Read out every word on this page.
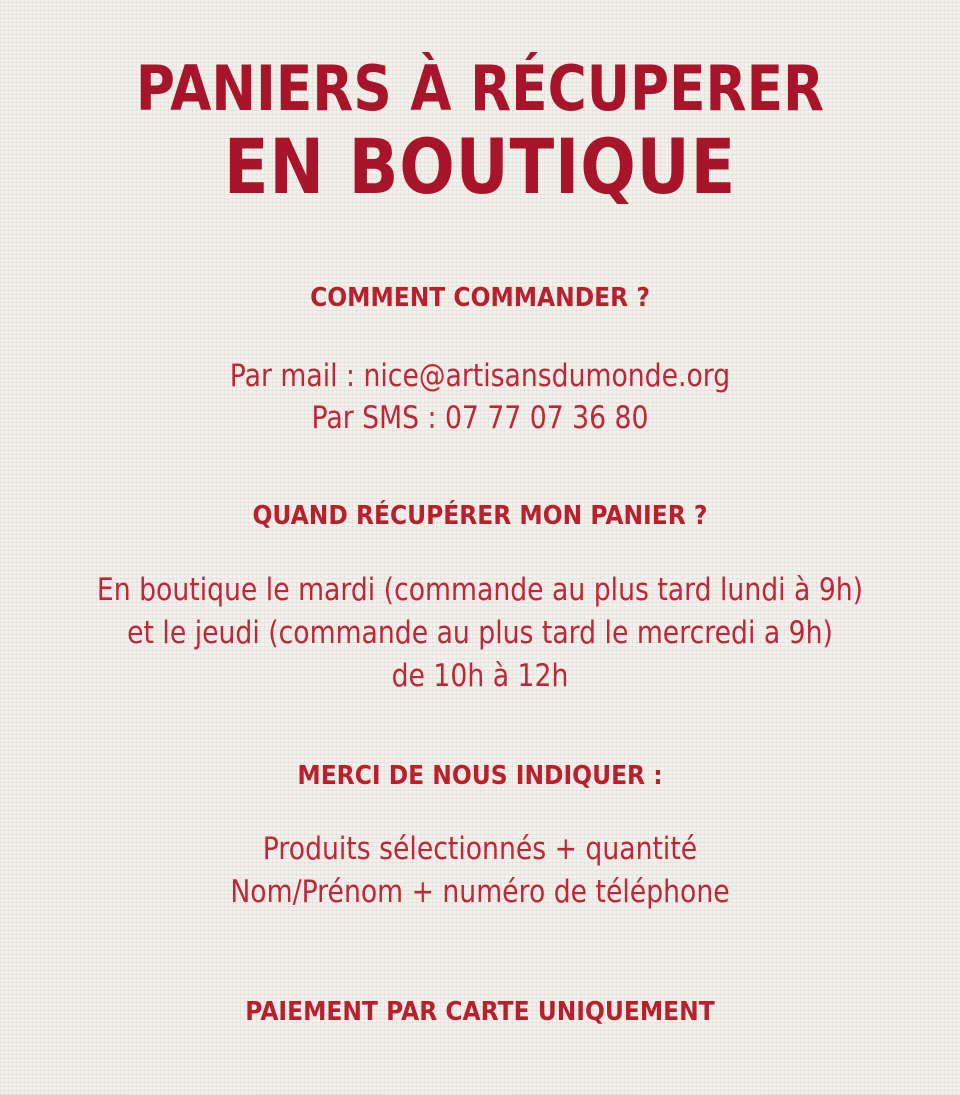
PANIERS À RÉCUPERER
EN BOUTIQUE
COMMENT COMMANDER ?
Par mail : nice@artisansdumonde.org
Par SMS : 07 77 07 36 80
QUAND RÉCUPÉRER MON PANIER ?
En boutique le mardi (commande au plus tard lundi à 9h)
et le jeudi (commande au plus tard le mercredi a 9h)
de 10h à 12h
MERCI DE NOUS INDIQUER :
Produits sélectionnés + quantité
Nom/Prénom + numéro de téléphone
PAIEMENT PAR CARTE UNIQUEMENT
